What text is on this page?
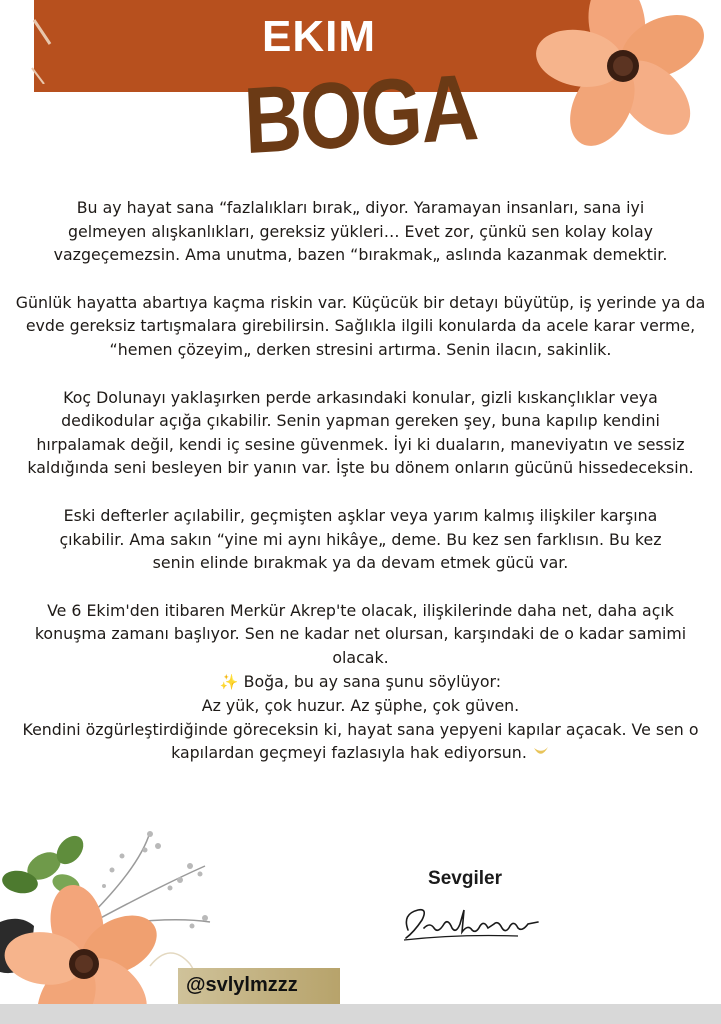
EKIM
BOGA

Bu ay hayat sana “fazlalıkları bırak„ diyor. Yaramayan insanları, sana iyi gelmeyen alışkanlıkları, gereksiz yükleri… Evet zor, çünkü sen kolay kolay vazgeçemezsin. Ama unutma, bazen “bırakmak„ aslında kazanmak demektir.

Günlük hayatta abartıya kaçma riskin var. Küçücük bir detayı büyütüp, iş yerinde ya da evde gereksiz tartışmalara girebilirsin. Sağlıkla ilgili konularda da acele karar verme, “hemen çözeyim„ derken stresini artırma. Senin ilacın, sakinlik.

Koç Dolunayı yaklaşırken perde arkasındaki konular, gizli kıskançlıklar veya dedikodular açığa çıkabilir. Senin yapman gereken şey, buna kapılıp kendini hırpalamak değil, kendi iç sesine güvenmek. İyi ki duaların, maneviyatın ve sessiz kaldığında seni besleyen bir yanın var. İşte bu dönem onların gücünü hissedeceksin.

Eski defterler açılabilir, geçmişten aşklar veya yarım kalmış ilişkiler karşına çıkabilir. Ama sakın “yine mi aynı hikâye„ deme. Bu kez sen farklısın. Bu kez senin elinde bırakmak ya da devam etmek gücü var.

Ve 6 Ekim'den itibaren Merkür Akrep'te olacak, ilişkilerinde daha net, daha açık konuşma zamanı başlıyor. Sen ne kadar net olursan, karşındaki de o kadar samimi olacak.

✨ Boğa, bu ay sana şunu söylüyor:

Az yük, çok huzur. Az şüphe, çok güven.

Kendini özgürleştirdiğinde göreceksin ki, hayat sana yepyeni kapılar açacak. Ve sen o kapılardan geçmeyi fazlasıyla hak ediyorsun.

Sevgiler
@svlylmzzz
